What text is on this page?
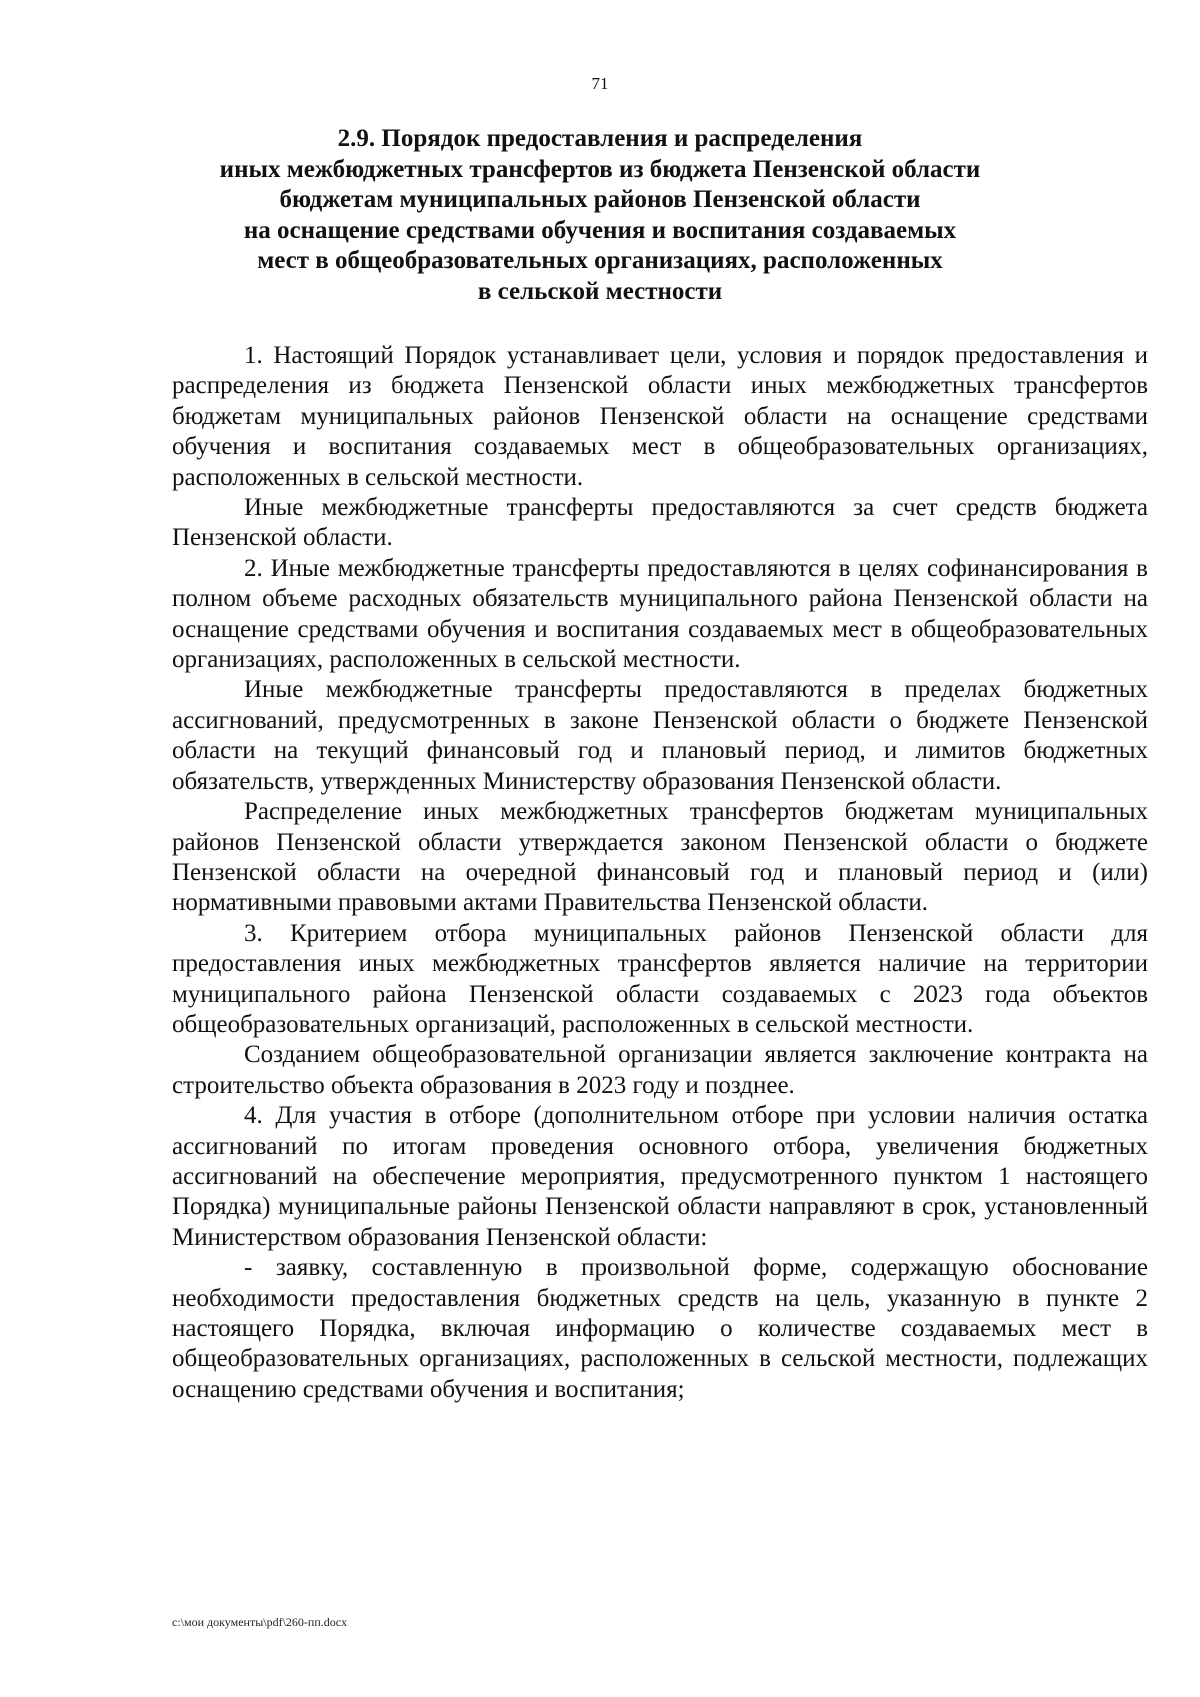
71
2.9. Порядок предоставления и распределения
иных межбюджетных трансфертов из бюджета Пензенской области
бюджетам муниципальных районов Пензенской области
на оснащение средствами обучения и воспитания создаваемых
мест в общеобразовательных организациях, расположенных
в сельской местности

1. Настоящий Порядок устанавливает цели, условия и порядок предоставления и распределения из бюджета Пензенской области иных межбюджетных трансфертов бюджетам муниципальных районов Пензенской области на оснащение средствами обучения и воспитания создаваемых мест в общеобразовательных организациях, расположенных в сельской местности.

Иные межбюджетные трансферты предоставляются за счет средств бюджета Пензенской области.

2. Иные межбюджетные трансферты предоставляются в целях софинансирования в полном объеме расходных обязательств муниципального района Пензенской области на оснащение средствами обучения и воспитания создаваемых мест в общеобразовательных организациях, расположенных в сельской местности.

Иные межбюджетные трансферты предоставляются в пределах бюджетных ассигнований, предусмотренных в законе Пензенской области о бюджете Пензенской области на текущий финансовый год и плановый период, и лимитов бюджетных обязательств, утвержденных Министерству образования Пензенской области.

Распределение иных межбюджетных трансфертов бюджетам муниципальных районов Пензенской области утверждается законом Пензенской области о бюджете Пензенской области на очередной финансовый год и плановый период и (или) нормативными правовыми актами Правительства Пензенской области.

3. Критерием отбора муниципальных районов Пензенской области для предоставления иных межбюджетных трансфертов является наличие на территории муниципального района Пензенской области создаваемых с 2023 года объектов общеобразовательных организаций, расположенных в сельской местности.

Созданием общеобразовательной организации является заключение контракта на строительство объекта образования в 2023 году и позднее.

4. Для участия в отборе (дополнительном отборе при условии наличия остатка ассигнований по итогам проведения основного отбора, увеличения бюджетных ассигнований на обеспечение мероприятия, предусмотренного пунктом 1 настоящего Порядка) муниципальные районы Пензенской области направляют в срок, установленный Министерством образования Пензенской области:

- заявку, составленную в произвольной форме, содержащую обоснование необходимости предоставления бюджетных средств на цель, указанную в пункте 2 настоящего Порядка, включая информацию о количестве создаваемых мест в общеобразовательных организациях, расположенных в сельской местности, подлежащих оснащению средствами обучения и воспитания;

c:\мои документы\pdf\260-пп.docx
